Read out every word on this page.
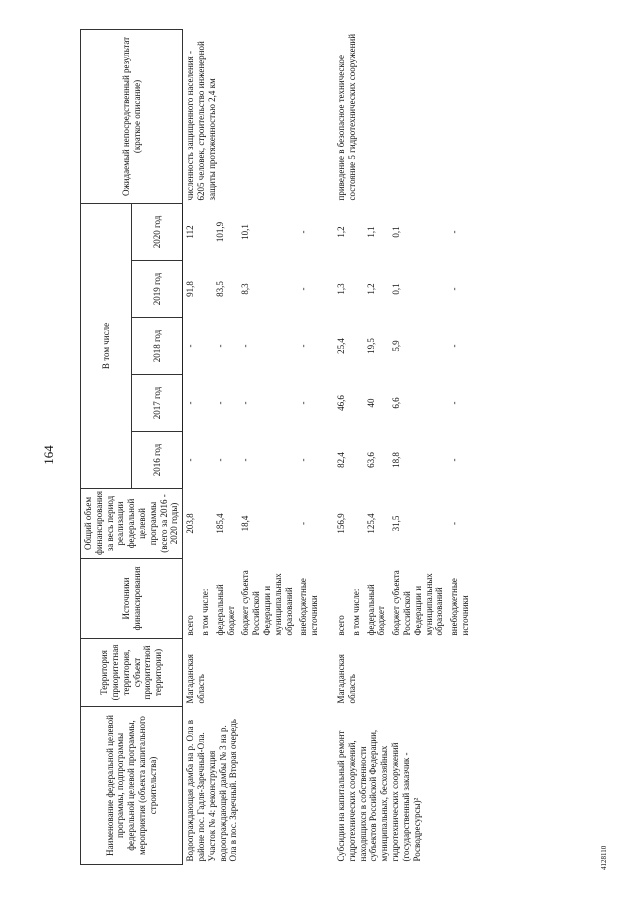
164
4128110
Наименование федеральной целевой программы, подпрограммы федеральной целевой программы, мероприятия (объекта капитального строительства)	Территория (приоритетная территория, субъект приоритетной территории)	Источники финансирования	Общий объем финансирования за весь период реализации федеральной целевой программы (всего за 2016 - 2020 годы)	В том числе					Ожидаемый непосредственный результат (краткое описание)
				2016 год	2017 год	2018 год	2019 год	2020 год	
Водоограждающая дамба на р. Ола в районе пос. Гадля-Заречный-Ола. Участок № 4: реконструкция водоограждающей дамбы № 3 на р. Ола в пос. Заречный. Вторая очередь	Магаданская область	всего	203,8	-	-	-	91,8	112	численность защищенного населения - 6205 человек, строительство инженерной защиты протяженностью 2,4 км
		в том числе:							
		федеральный бюджет	185,4	-	-	-	83,5	101,9	
		бюджет субъекта Российской Федерации и муниципальных образований	18,4	-	-	-	8,3	10,1	
		внебюджетные источники	-	-	-	-	-	-	
Субсидии на капитальный ремонт гидротехнических сооружений, находящихся в собственности субъектов Российской Федерации, муниципальных, бесхозяйных гидротехнических сооружений (государственный заказчик - Росводресурсы)²	Магаданская область	всего	156,9	82,4	46,6	25,4	1,3	1,2	приведение в безопасное техническое состояние 5 гидротехнических сооружений
		в том числе:							
		федеральный бюджет	125,4	63,6	40	19,5	1,2	1,1	
		бюджет субъекта Российской Федерации и муниципальных образований	31,5	18,8	6,6	5,9	0,1	0,1	
		внебюджетные источники	-	-	-	-	-	-	
